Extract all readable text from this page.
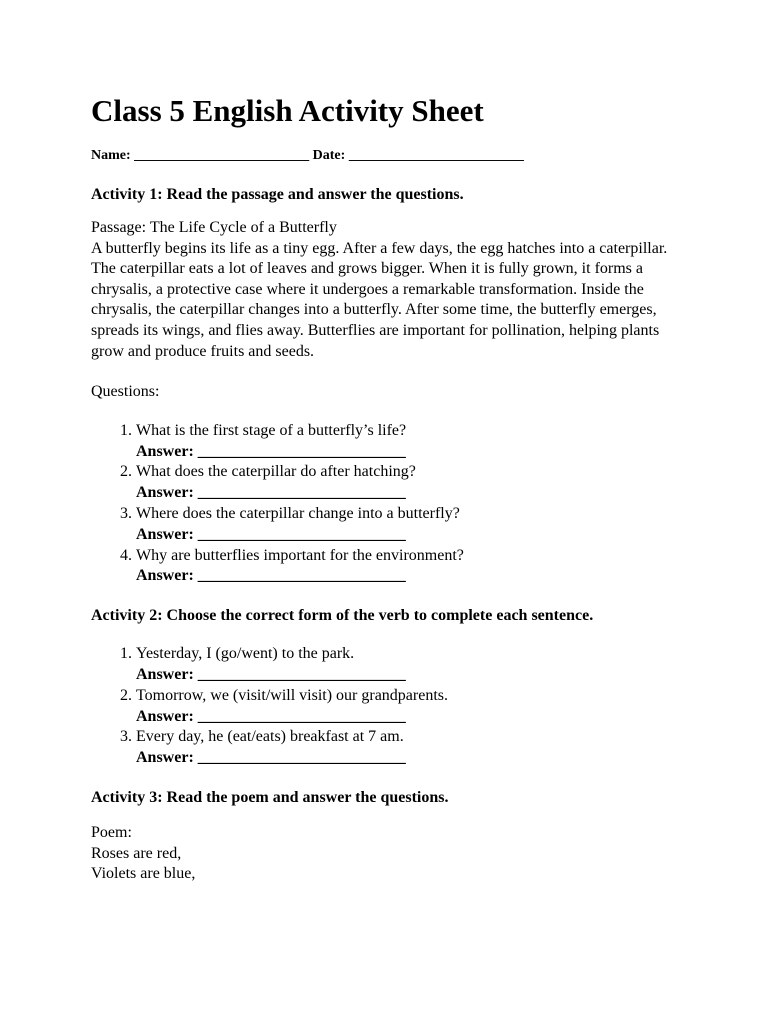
Class 5 English Activity Sheet
Name: _________________________ Date: _________________________
Activity 1: Read the passage and answer the questions.
Passage: The Life Cycle of a Butterfly
A butterfly begins its life as a tiny egg. After a few days, the egg hatches into a caterpillar. The caterpillar eats a lot of leaves and grows bigger. When it is fully grown, it forms a chrysalis, a protective case where it undergoes a remarkable transformation. Inside the chrysalis, the caterpillar changes into a butterfly. After some time, the butterfly emerges, spreads its wings, and flies away. Butterflies are important for pollination, helping plants grow and produce fruits and seeds.
Questions:
1. What is the first stage of a butterfly’s life?
Answer: __________________________
2. What does the caterpillar do after hatching?
Answer: __________________________
3. Where does the caterpillar change into a butterfly?
Answer: __________________________
4. Why are butterflies important for the environment?
Answer: __________________________
Activity 2: Choose the correct form of the verb to complete each sentence.
1. Yesterday, I (go/went) to the park.
Answer: __________________________
2. Tomorrow, we (visit/will visit) our grandparents.
Answer: __________________________
3. Every day, he (eat/eats) breakfast at 7 am.
Answer: __________________________
Activity 3: Read the poem and answer the questions.
Poem:
Roses are red,
Violets are blue,
